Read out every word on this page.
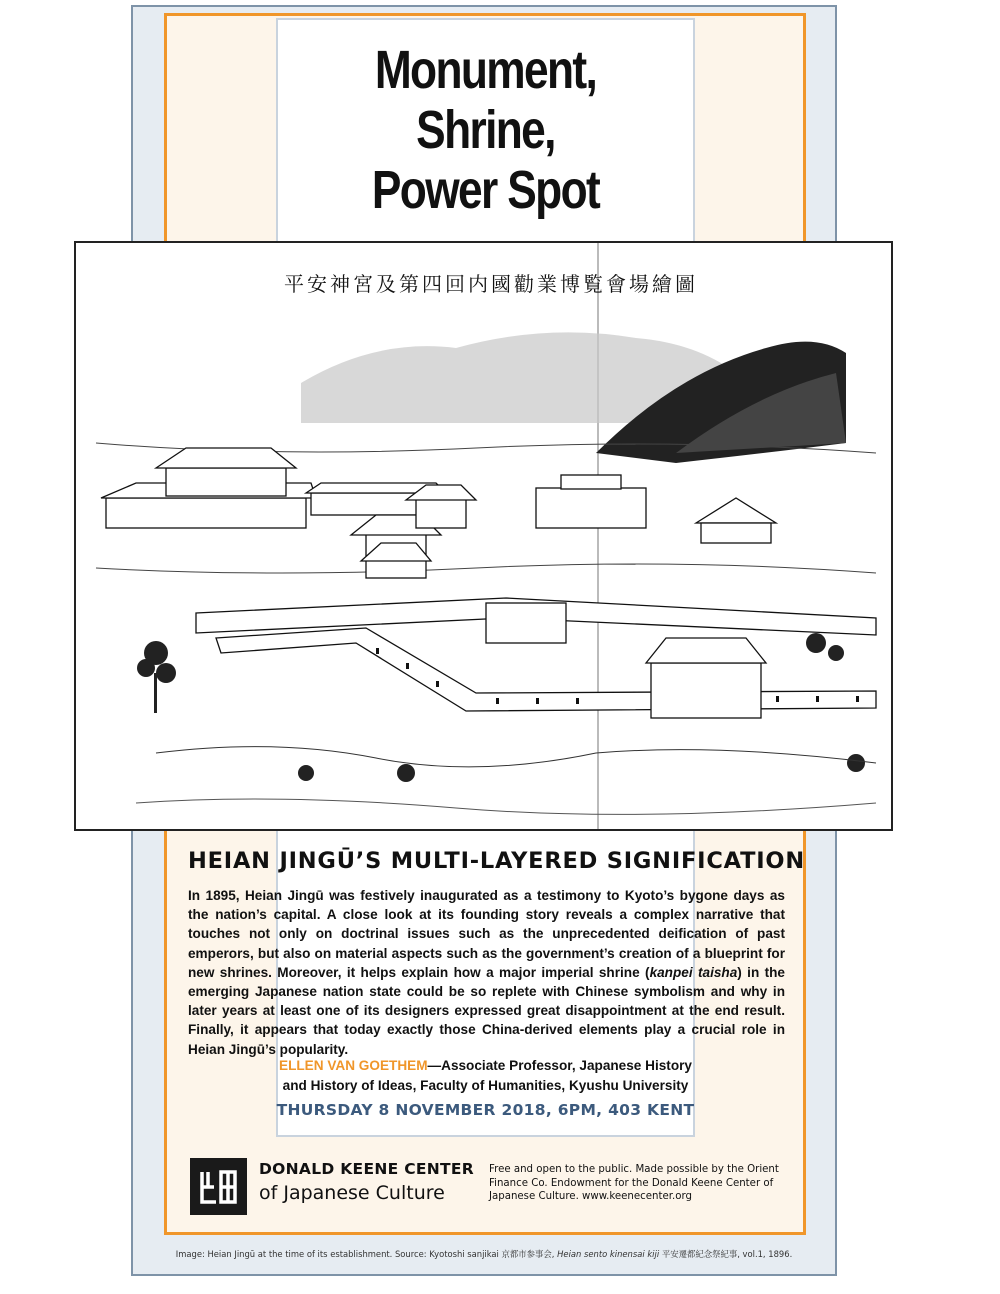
Monument,
Shrine,
Power Spot
平安神宮及第四回内國勸業博覧會場繪圖
HEIAN JINGŪ’S MULTI-LAYERED SIGNIFICATION
In 1895, Heian Jingū was festively inaugurated as a testimony to Kyoto’s bygone days as the nation’s capital. A close look at its founding story reveals a complex narrative that touches not only on doctrinal issues such as the unprecedented deification of past emperors, but also on material aspects such as the government’s creation of a blueprint for new shrines. Moreover, it helps explain how a major imperial shrine (kanpei taisha) in the emerging Japanese nation state could be so replete with Chinese symbolism and why in later years at least one of its designers expressed great disappointment at the end result. Finally, it appears that today exactly those China-derived elements play a crucial role in Heian Jingū’s popularity.
ELLEN VAN GOETHEM—Associate Professor, Japanese History
and History of Ideas, Faculty of Humanities, Kyushu University
THURSDAY 8 NOVEMBER 2018, 6PM, 403 KENT
DONALD KEENE CENTER
of Japanese Culture
Free and open to the public. Made possible by the Orient Finance Co. Endowment for the Donald Keene Center of Japanese Culture. www.keenecenter.org
Image: Heian Jingū at the time of its establishment. Source: Kyotoshi sanjikai 京都市参事会, Heian sento kinensai kiji 平安遷都紀念祭紀事, vol.1, 1896.
